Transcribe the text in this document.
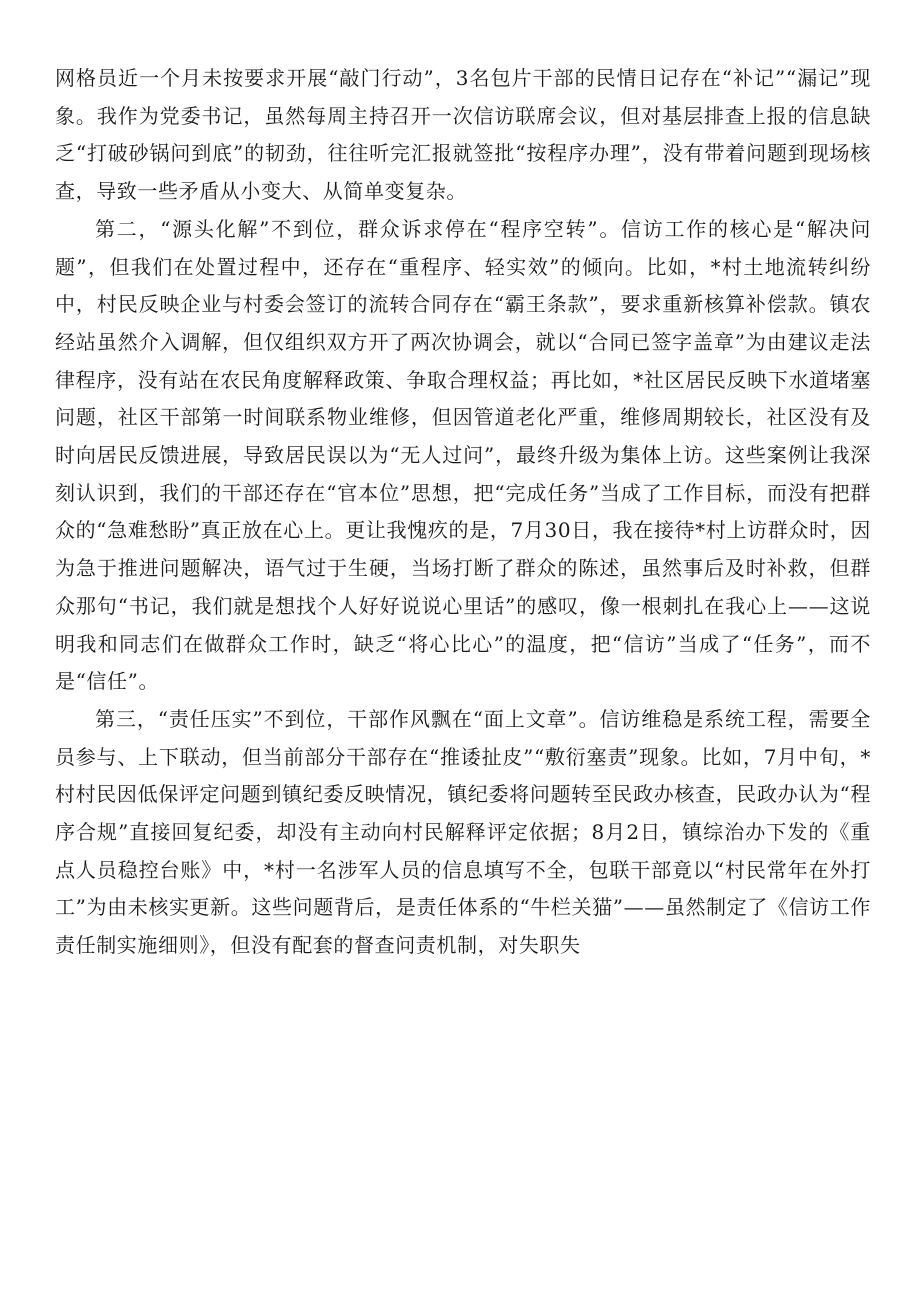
网格员近一个月未按要求开展“敲门行动”，3名包片干部的民情日记存在“补记”“漏记”现象。我作为党委书记，虽然每周主持召开一次信访联席会议，但对基层排查上报的信息缺乏“打破砂锅问到底”的韧劲，往往听完汇报就签批“按程序办理”，没有带着问题到现场核查，导致一些矛盾从小变大、从简单变复杂。

第二，“源头化解”不到位，群众诉求停在“程序空转”。信访工作的核心是“解决问题”，但我们在处置过程中，还存在“重程序、轻实效”的倾向。比如，*村土地流转纠纷中，村民反映企业与村委会签订的流转合同存在“霸王条款”，要求重新核算补偿款。镇农经站虽然介入调解，但仅组织双方开了两次协调会，就以“合同已签字盖章”为由建议走法律程序，没有站在农民角度解释政策、争取合理权益；再比如，*社区居民反映下水道堵塞问题，社区干部第一时间联系物业维修，但因管道老化严重，维修周期较长，社区没有及时向居民反馈进展，导致居民误以为“无人过问”，最终升级为集体上访。这些案例让我深刻认识到，我们的干部还存在“官本位”思想，把“完成任务”当成了工作目标，而没有把群众的“急难愁盼”真正放在心上。更让我愧疚的是，7月30日，我在接待*村上访群众时，因为急于推进问题解决，语气过于生硬，当场打断了群众的陈述，虽然事后及时补救，但群众那句“书记，我们就是想找个人好好说说心里话”的感叹，像一根刺扎在我心上——这说明我和同志们在做群众工作时，缺乏“将心比心”的温度，把“信访”当成了“任务”，而不是“信任”。

第三，“责任压实”不到位，干部作风飘在“面上文章”。信访维稳是系统工程，需要全员参与、上下联动，但当前部分干部存在“推诿扯皮”“敷衍塞责”现象。比如，7月中旬，*村村民因低保评定问题到镇纪委反映情况，镇纪委将问题转至民政办核查，民政办认为“程序合规”直接回复纪委，却没有主动向村民解释评定依据；8月2日，镇综治办下发的《重点人员稳控台账》中，*村一名涉军人员的信息填写不全，包联干部竟以“村民常年在外打工”为由未核实更新。这些问题背后，是责任体系的“牛栏关猫”——虽然制定了《信访工作责任制实施细则》，但没有配套的督查问责机制，对失职失
